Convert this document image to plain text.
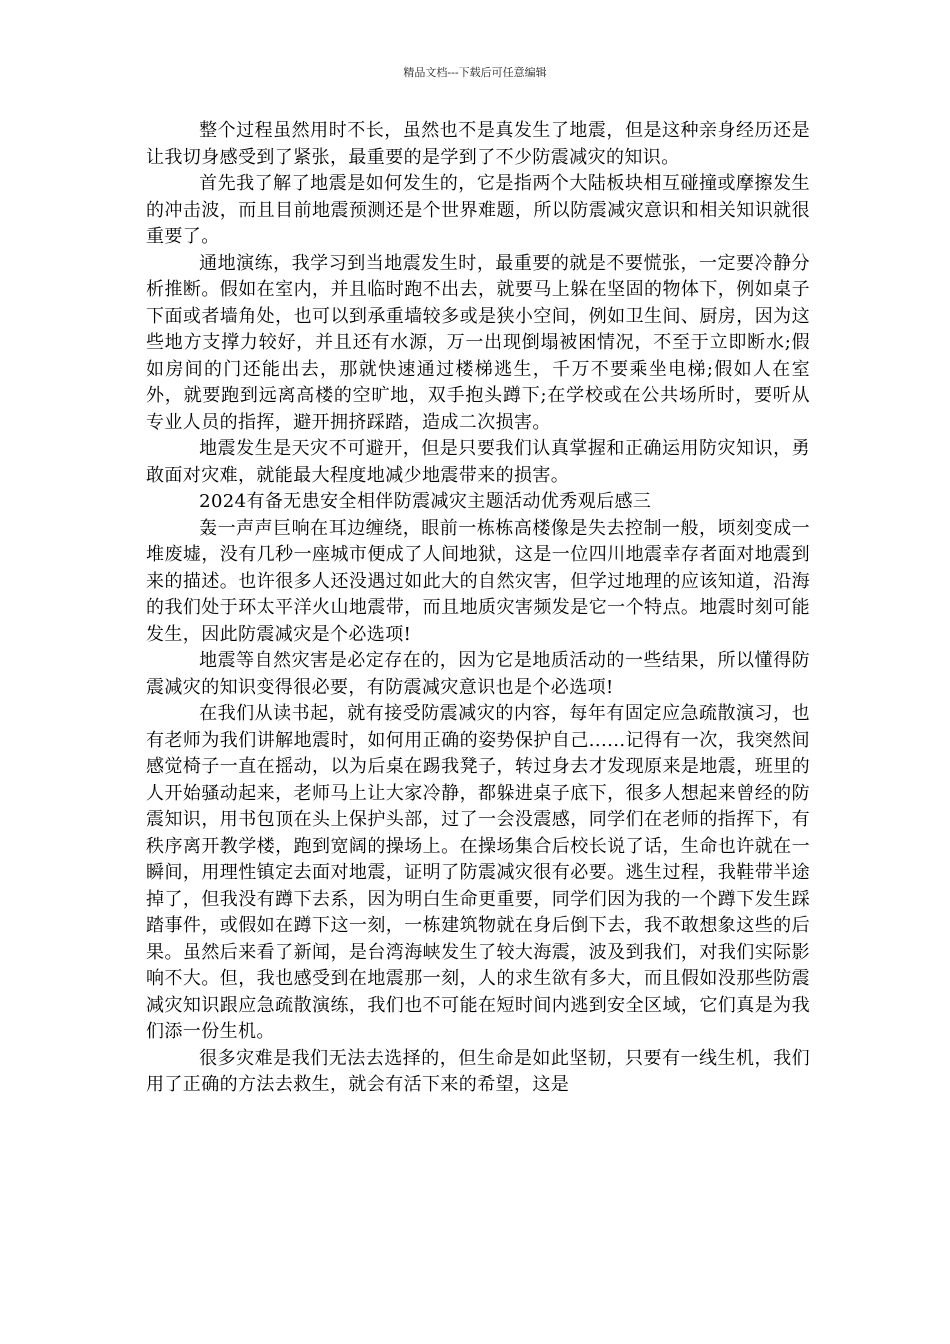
精品文档---下载后可任意编辑

整个过程虽然用时不长，虽然也不是真发生了地震，但是这种亲身经历还是让我切身感受到了紧张，最重要的是学到了不少防震减灾的知识。

首先我了解了地震是如何发生的，它是指两个大陆板块相互碰撞或摩擦发生的冲击波，而且目前地震预测还是个世界难题，所以防震减灾意识和相关知识就很重要了。

通地演练，我学习到当地震发生时，最重要的就是不要慌张，一定要冷静分析推断。假如在室内，并且临时跑不出去，就要马上躲在坚固的物体下，例如桌子下面或者墙角处，也可以到承重墙较多或是狭小空间，例如卫生间、厨房，因为这些地方支撑力较好，并且还有水源，万一出现倒塌被困情况，不至于立即断水;假如房间的门还能出去，那就快速通过楼梯逃生，千万不要乘坐电梯;假如人在室外，就要跑到远离高楼的空旷地，双手抱头蹲下;在学校或在公共场所时，要听从专业人员的指挥，避开拥挤踩踏，造成二次损害。

地震发生是天灾不可避开，但是只要我们认真掌握和正确运用防灾知识，勇敢面对灾难，就能最大程度地减少地震带来的损害。

2024有备无患安全相伴防震减灾主题活动优秀观后感三

轰一声声巨响在耳边缠绕，眼前一栋栋高楼像是失去控制一般，顷刻变成一堆废墟，没有几秒一座城市便成了人间地狱，这是一位四川地震幸存者面对地震到来的描述。也许很多人还没遇过如此大的自然灾害，但学过地理的应该知道，沿海的我们处于环太平洋火山地震带，而且地质灾害频发是它一个特点。地震时刻可能发生，因此防震减灾是个必选项!

地震等自然灾害是必定存在的，因为它是地质活动的一些结果，所以懂得防震减灾的知识变得很必要，有防震减灾意识也是个必选项!

在我们从读书起，就有接受防震减灾的内容，每年有固定应急疏散演习，也有老师为我们讲解地震时，如何用正确的姿势保护自己......记得有一次，我突然间感觉椅子一直在摇动，以为后桌在踢我凳子，转过身去才发现原来是地震，班里的人开始骚动起来，老师马上让大家冷静，都躲进桌子底下，很多人想起来曾经的防震知识，用书包顶在头上保护头部，过了一会没震感，同学们在老师的指挥下，有秩序离开教学楼，跑到宽阔的操场上。在操场集合后校长说了话，生命也许就在一瞬间，用理性镇定去面对地震，证明了防震减灾很有必要。逃生过程，我鞋带半途掉了，但我没有蹲下去系，因为明白生命更重要，同学们因为我的一个蹲下发生踩踏事件，或假如在蹲下这一刻，一栋建筑物就在身后倒下去，我不敢想象这些的后果。虽然后来看了新闻，是台湾海峡发生了较大海震，波及到我们，对我们实际影响不大。但，我也感受到在地震那一刻，人的求生欲有多大，而且假如没那些防震减灾知识跟应急疏散演练，我们也不可能在短时间内逃到安全区域，它们真是为我们添一份生机。

很多灾难是我们无法去选择的，但生命是如此坚韧，只要有一线生机，我们用了正确的方法去救生，就会有活下来的希望，这是
